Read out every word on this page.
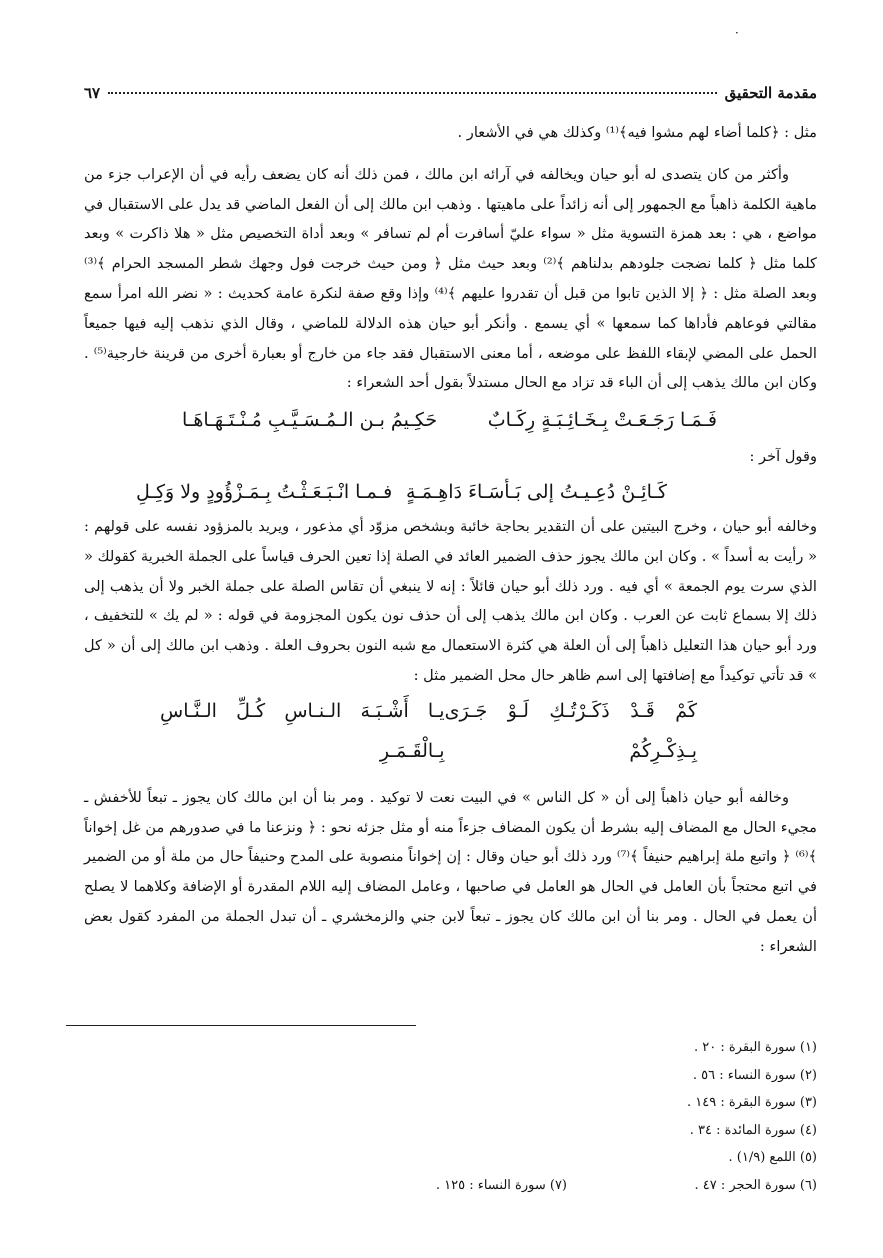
·
مقدمة التحقيق
٦٧

مثل : ﴿كلما أضاء لهم مشوا فيه﴾⁽¹⁾ وكذلك هي في الأشعار .

وأكثر من كان يتصدى له أبو حيان ويخالفه في آرائه ابن مالك ، فمن ذلك أنه كان يضعف رأيه في أن الإعراب جزء من ماهية الكلمة ذاهباً مع الجمهور إلى أنه زائداً على ماهيتها . وذهب ابن مالك إلى أن الفعل الماضي قد يدل على الاستقبال في مواضع ، هي : بعد همزة التسوية مثل « سواء عليّ أسافرت أم لم تسافر » وبعد أداة التخصيص مثل « هلا ذاكرت » وبعد كلما مثل ﴿ كلما نضجت جلودهم بدلناهم ﴾⁽²⁾ وبعد حيث مثل ﴿ ومن حيث خرجت فول وجهك شطر المسجد الحرام ﴾⁽³⁾ وبعد الصلة مثل : ﴿ إلا الذين تابوا من قبل أن تقدروا عليهم ﴾⁽⁴⁾ وإذا وقع صفة لنكرة عامة كحديث : « نضر الله امرأ سمع مقالتي فوعاهم فأداها كما سمعها » أي يسمع . وأنكر أبو حيان هذه الدلالة للماضي ، وقال الذي نذهب إليه فيها جميعاً الحمل على المضي لإبقاء اللفظ على موضعه ، أما معنى الاستقبال فقد جاء من خارج أو بعبارة أخرى من قرينة خارجية⁽⁵⁾ . وكان ابن مالك يذهب إلى أن الباء قد تزاد مع الحال مستدلاً بقول أحد الشعراء :

فَـمَـا رَجَـعَـتْ بِـخَـائِـبَـةٍ رِكَـابٌ
حَكِـيمُ بـن الـمُـسَـيَّـبِ مُـنْـتَـهَـاهَـا

وقول آخر :

كَـائِـنْ دُعِـيـتُ إلى بَـأسَـاءَ دَاهِـمَـةٍ
فـمـا انْـبَـعَـثْـتُ بِـمَـزْؤُودٍ ولا وَكِـلِ

وخالفه أبو حيان ، وخرج البيتين على أن التقدير بحاجة خائبة وبشخص مزوّد أي مذعور ، ويريد بالمزؤود نفسه على قولهم : « رأيت به أسداً » . وكان ابن مالك يجوز حذف الضمير العائد في الصلة إذا تعين الحرف قياساً على الجملة الخبرية كقولك « الذي سرت يوم الجمعة » أي فيه . ورد ذلك أبو حيان قائلاً : إنه لا ينبغي أن تقاس الصلة على جملة الخبر ولا أن يذهب إلى ذلك إلا بسماع ثابت عن العرب . وكان ابن مالك يذهب إلى أن حذف نون يكون المجزومة في قوله : « لم يك » للتخفيف ، ورد أبو حيان هذا التعليل ذاهباً إلى أن العلة هي كثرة الاستعمال مع شبه النون بحروف العلة . وذهب ابن مالك إلى أن « كل » قد تأتي توكيداً مع إضافتها إلى اسم ظاهر حال محل الضمير مثل :

كَمْ قَـدْ ذَكَـرْتُـكِ لَـوْ جَـرَى بِـذِكْـرِكُمْ
يـا أَشْـبَـهَ الـنـاسِ كُـلِّ الـنَّـاسِ بِـالْقَـمَـرِ

وخالفه أبو حيان ذاهباً إلى أن « كل الناس » في البيت نعت لا توكيد . ومر بنا أن ابن مالك كان يجوز ـ تبعاً للأخفش ـ مجيء الحال مع المضاف إليه بشرط أن يكون المضاف جزءاً منه أو مثل جزئه نحو : ﴿ ونزعنا ما في صدورهم من غل إخواناً ﴾⁽⁶⁾ ﴿ واتبع ملة إبراهيم حنيفاً ﴾⁽⁷⁾ ورد ذلك أبو حيان وقال : إن إخواناً منصوبة على المدح وحنيفاً حال من ملة أو من الضمير في اتبع محتجاً بأن العامل في الحال هو العامل في صاحبها ، وعامل المضاف إليه اللام المقدرة أو الإضافة وكلاهما لا يصلح أن يعمل في الحال . ومر بنا أن ابن مالك كان يجوز ـ تبعاً لابن جني والزمخشري ـ أن تبدل الجملة من المفرد كقول بعض الشعراء :

(١) سورة البقرة : ٢٠ .
(٢) سورة النساء : ٥٦ .
(٣) سورة البقرة : ١٤٩ .
(٤) سورة المائدة : ٣٤ .
(٥) اللمع (١/٩) .
(٦) سورة الحجر : ٤٧ .
(٧) سورة النساء : ١٢٥ .
